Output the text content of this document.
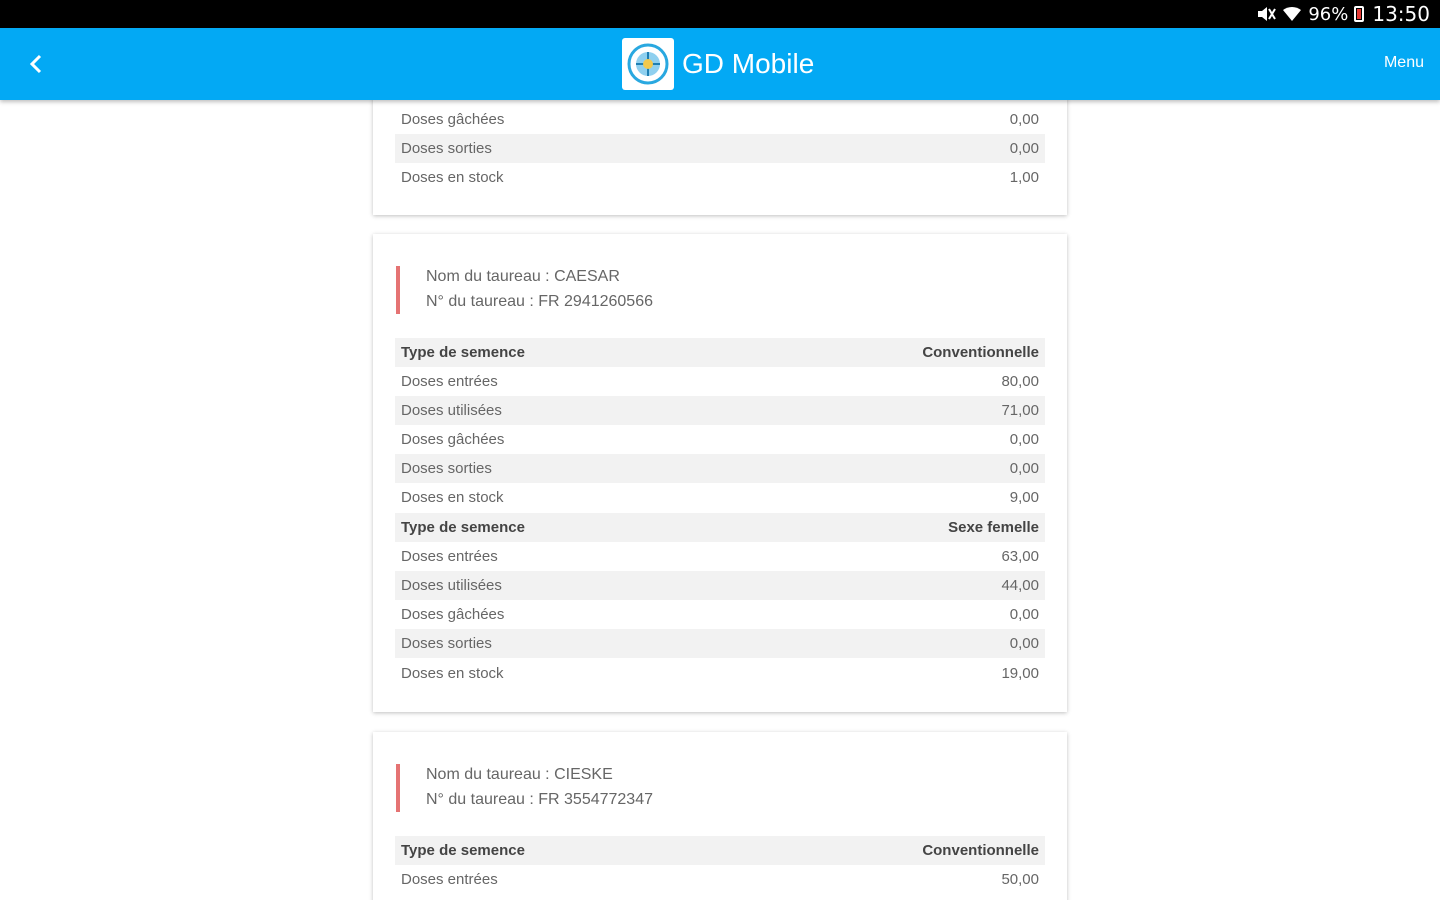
96% 13:50
GD Mobile	Menu
Doses gâchées	0,00
Doses sorties	0,00
Doses en stock	1,00
Nom du taureau : CAESAR
N° du taureau : FR 2941260566
Type de semence	Conventionnelle
Doses entrées	80,00
Doses utilisées	71,00
Doses gâchées	0,00
Doses sorties	0,00
Doses en stock	9,00
Type de semence	Sexe femelle
Doses entrées	63,00
Doses utilisées	44,00
Doses gâchées	0,00
Doses sorties	0,00
Doses en stock	19,00
Nom du taureau : CIESKE
N° du taureau : FR 3554772347
Type de semence	Conventionnelle
Doses entrées	50,00
